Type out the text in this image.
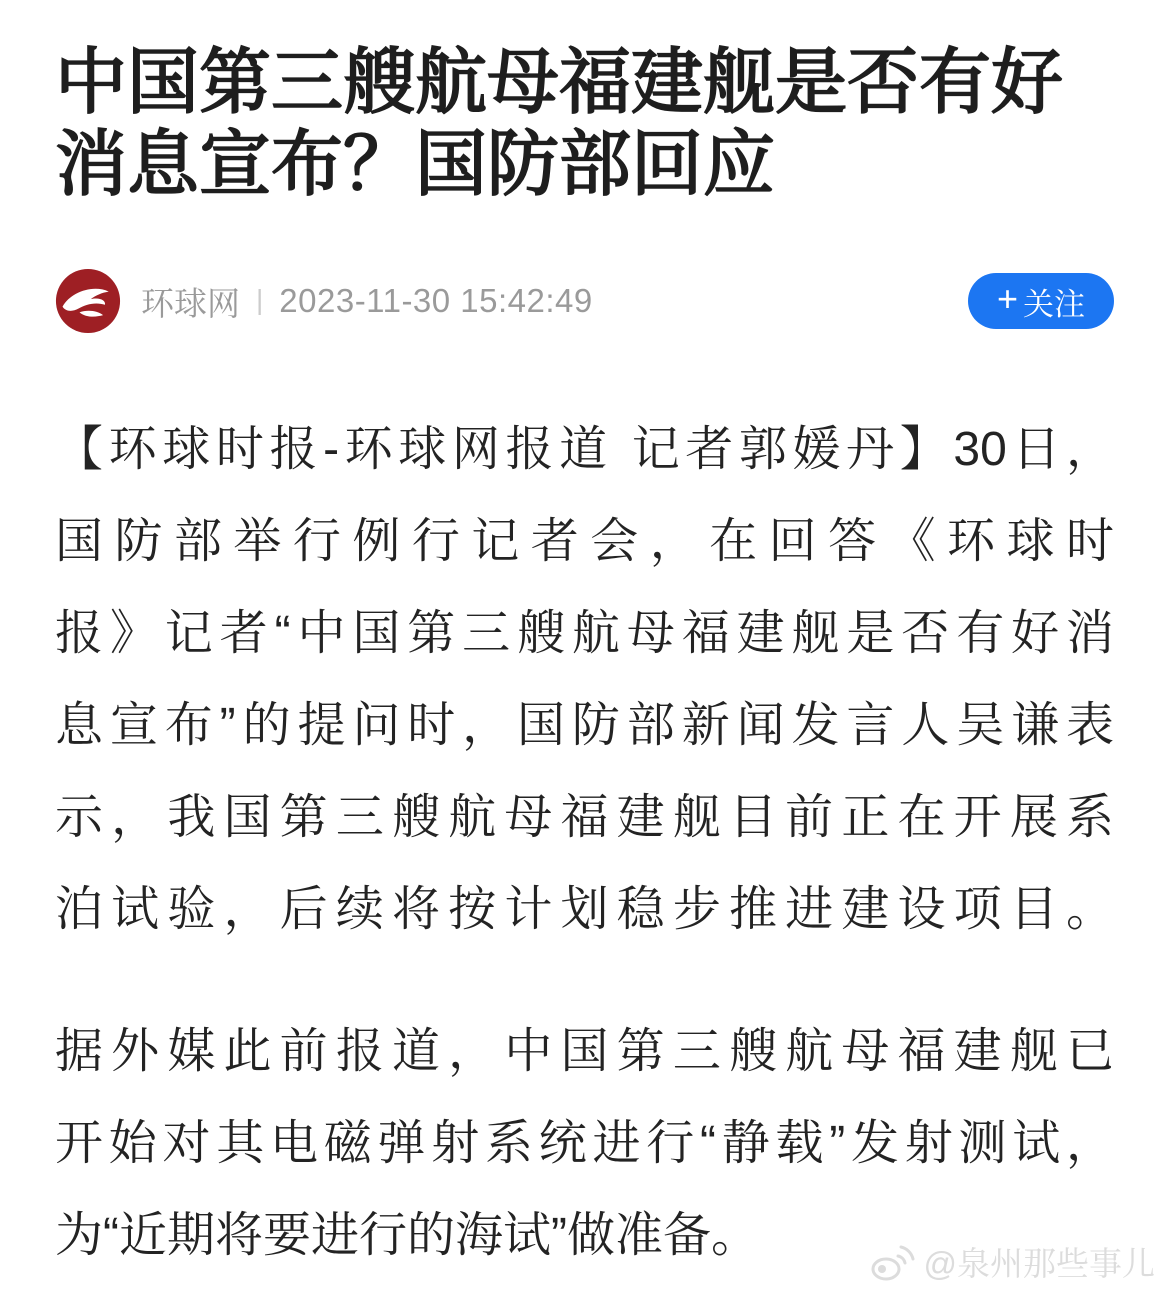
中国第三艘航母福建舰是否有好消息宣布？国防部回应
环球网 | 2023-11-30 15:42:49	+ 关注
【环球时报-环球网报道 记者郭媛丹】30日，
国防部举行例行记者会，在回答《环球时
报》记者“中国第三艘航母福建舰是否有好消
息宣布”的提问时，国防部新闻发言人吴谦表
示，我国第三艘航母福建舰目前正在开展系
泊试验，后续将按计划稳步推进建设项目。
据外媒此前报道，中国第三艘航母福建舰已
开始对其电磁弹射系统进行“静载”发射测试，
为“近期将要进行的海试”做准备。
@泉州那些事儿
